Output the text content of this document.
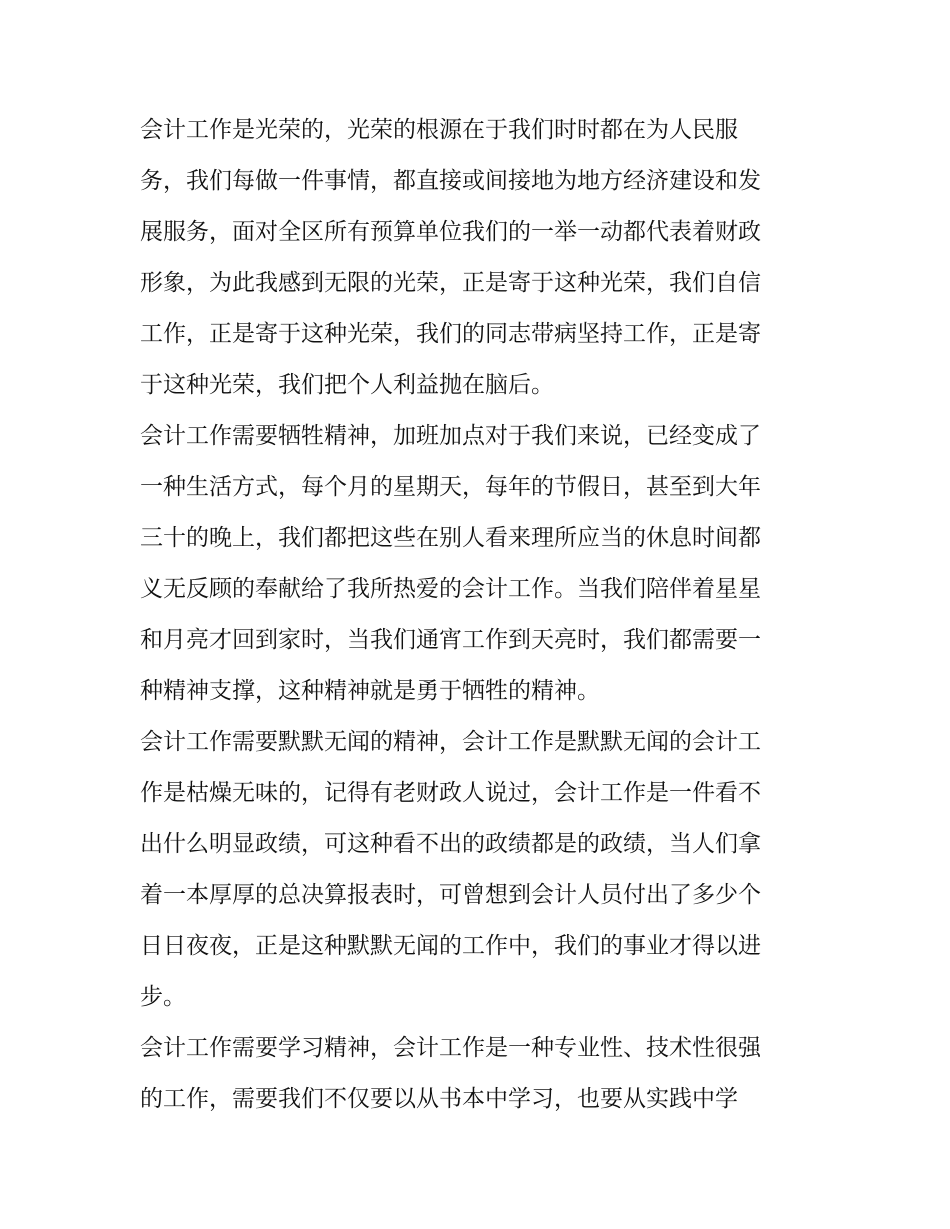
会计工作是光荣的，光荣的根源在于我们时时都在为人民服
务，我们每做一件事情，都直接或间接地为地方经济建设和发
展服务，面对全区所有预算单位我们的一举一动都代表着财政
形象，为此我感到无限的光荣，正是寄于这种光荣，我们自信
工作，正是寄于这种光荣，我们的同志带病坚持工作，正是寄
于这种光荣，我们把个人利益抛在脑后。

会计工作需要牺牲精神，加班加点对于我们来说，已经变成了
一种生活方式，每个月的星期天，每年的节假日，甚至到大年
三十的晚上，我们都把这些在别人看来理所应当的休息时间都
义无反顾的奉献给了我所热爱的会计工作。当我们陪伴着星星
和月亮才回到家时，当我们通宵工作到天亮时，我们都需要一
种精神支撑，这种精神就是勇于牺牲的精神。

会计工作需要默默无闻的精神，会计工作是默默无闻的会计工
作是枯燥无味的，记得有老财政人说过，会计工作是一件看不
出什么明显政绩，可这种看不出的政绩都是的政绩，当人们拿
着一本厚厚的总决算报表时，可曾想到会计人员付出了多少个
日日夜夜，正是这种默默无闻的工作中，我们的事业才得以进
步。

会计工作需要学习精神，会计工作是一种专业性、技术性很强
的工作，需要我们不仅要以从书本中学习，也要从实践中学
